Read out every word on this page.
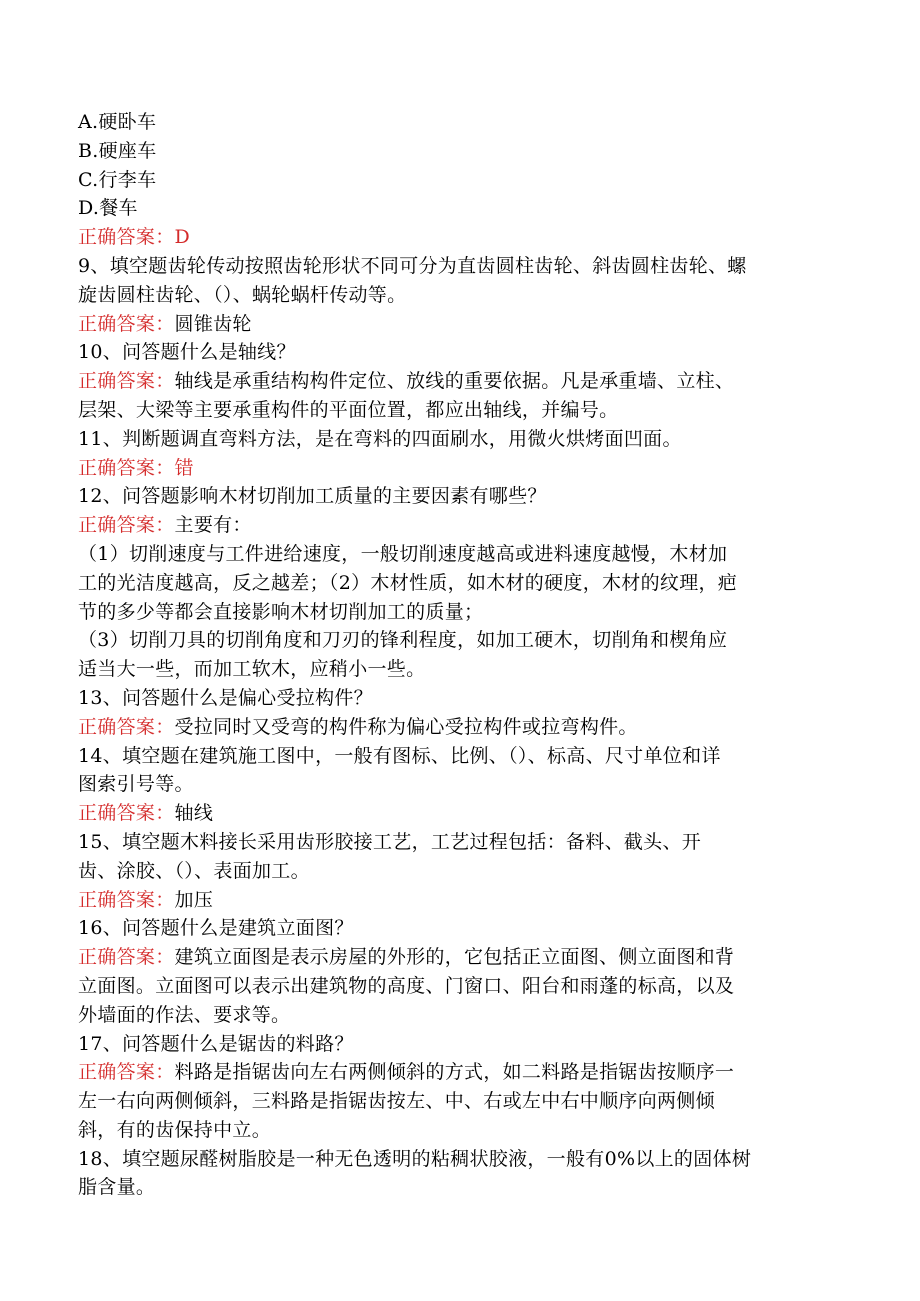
A.硬卧车
B.硬座车
C.行李车
D.餐车
正确答案：D
9、填空题齿轮传动按照齿轮形状不同可分为直齿圆柱齿轮、斜齿圆柱齿轮、螺
旋齿圆柱齿轮、（）、蜗轮蜗杆传动等。
正确答案：圆锥齿轮
10、问答题什么是轴线？
正确答案：轴线是承重结构构件定位、放线的重要依据。凡是承重墙、立柱、
层架、大梁等主要承重构件的平面位置，都应出轴线，并编号。
11、判断题调直弯料方法，是在弯料的四面刷水，用微火烘烤面凹面。
正确答案：错
12、问答题影响木材切削加工质量的主要因素有哪些？
正确答案：主要有：
（1）切削速度与工件进给速度，一般切削速度越高或进料速度越慢，木材加
工的光洁度越高，反之越差；（2）木材性质，如木材的硬度，木材的纹理，疤
节的多少等都会直接影响木材切削加工的质量；
（3）切削刀具的切削角度和刀刃的锋利程度，如加工硬木，切削角和楔角应
适当大一些，而加工软木，应稍小一些。
13、问答题什么是偏心受拉构件？
正确答案：受拉同时又受弯的构件称为偏心受拉构件或拉弯构件。
14、填空题在建筑施工图中，一般有图标、比例、（）、标高、尺寸单位和详
图索引号等。
正确答案：轴线
15、填空题木料接长采用齿形胶接工艺，工艺过程包括：备料、截头、开
齿、涂胶、（）、表面加工。
正确答案：加压
16、问答题什么是建筑立面图？
正确答案：建筑立面图是表示房屋的外形的，它包括正立面图、侧立面图和背
立面图。立面图可以表示出建筑物的高度、门窗口、阳台和雨蓬的标高，以及
外墙面的作法、要求等。
17、问答题什么是锯齿的料路？
正确答案：料路是指锯齿向左右两侧倾斜的方式，如二料路是指锯齿按顺序一
左一右向两侧倾斜，三料路是指锯齿按左、中、右或左中右中顺序向两侧倾
斜，有的齿保持中立。
18、填空题尿醛树脂胶是一种无色透明的粘稠状胶液，一般有0%以上的固体树
脂含量。
